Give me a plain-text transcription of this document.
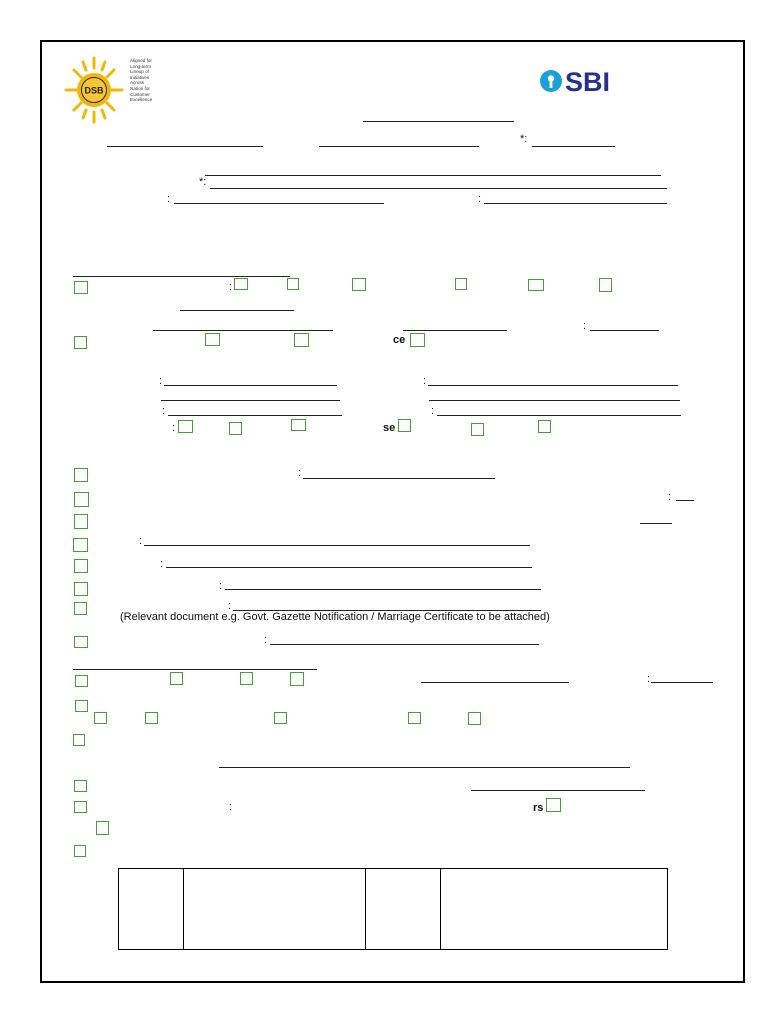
DSB
Aligned for
Long-term
Lineup of
Initiatives
Across
Nation for
Customer
Excellence
SBI
*:
*:
:	:
:
:
ce
:	:
:	:
:	se
:
:
:
:
:
:
(Relevant document e.g. Govt. Gazette Notification / Marriage Certificate to be attached)
:
:
:	rs
